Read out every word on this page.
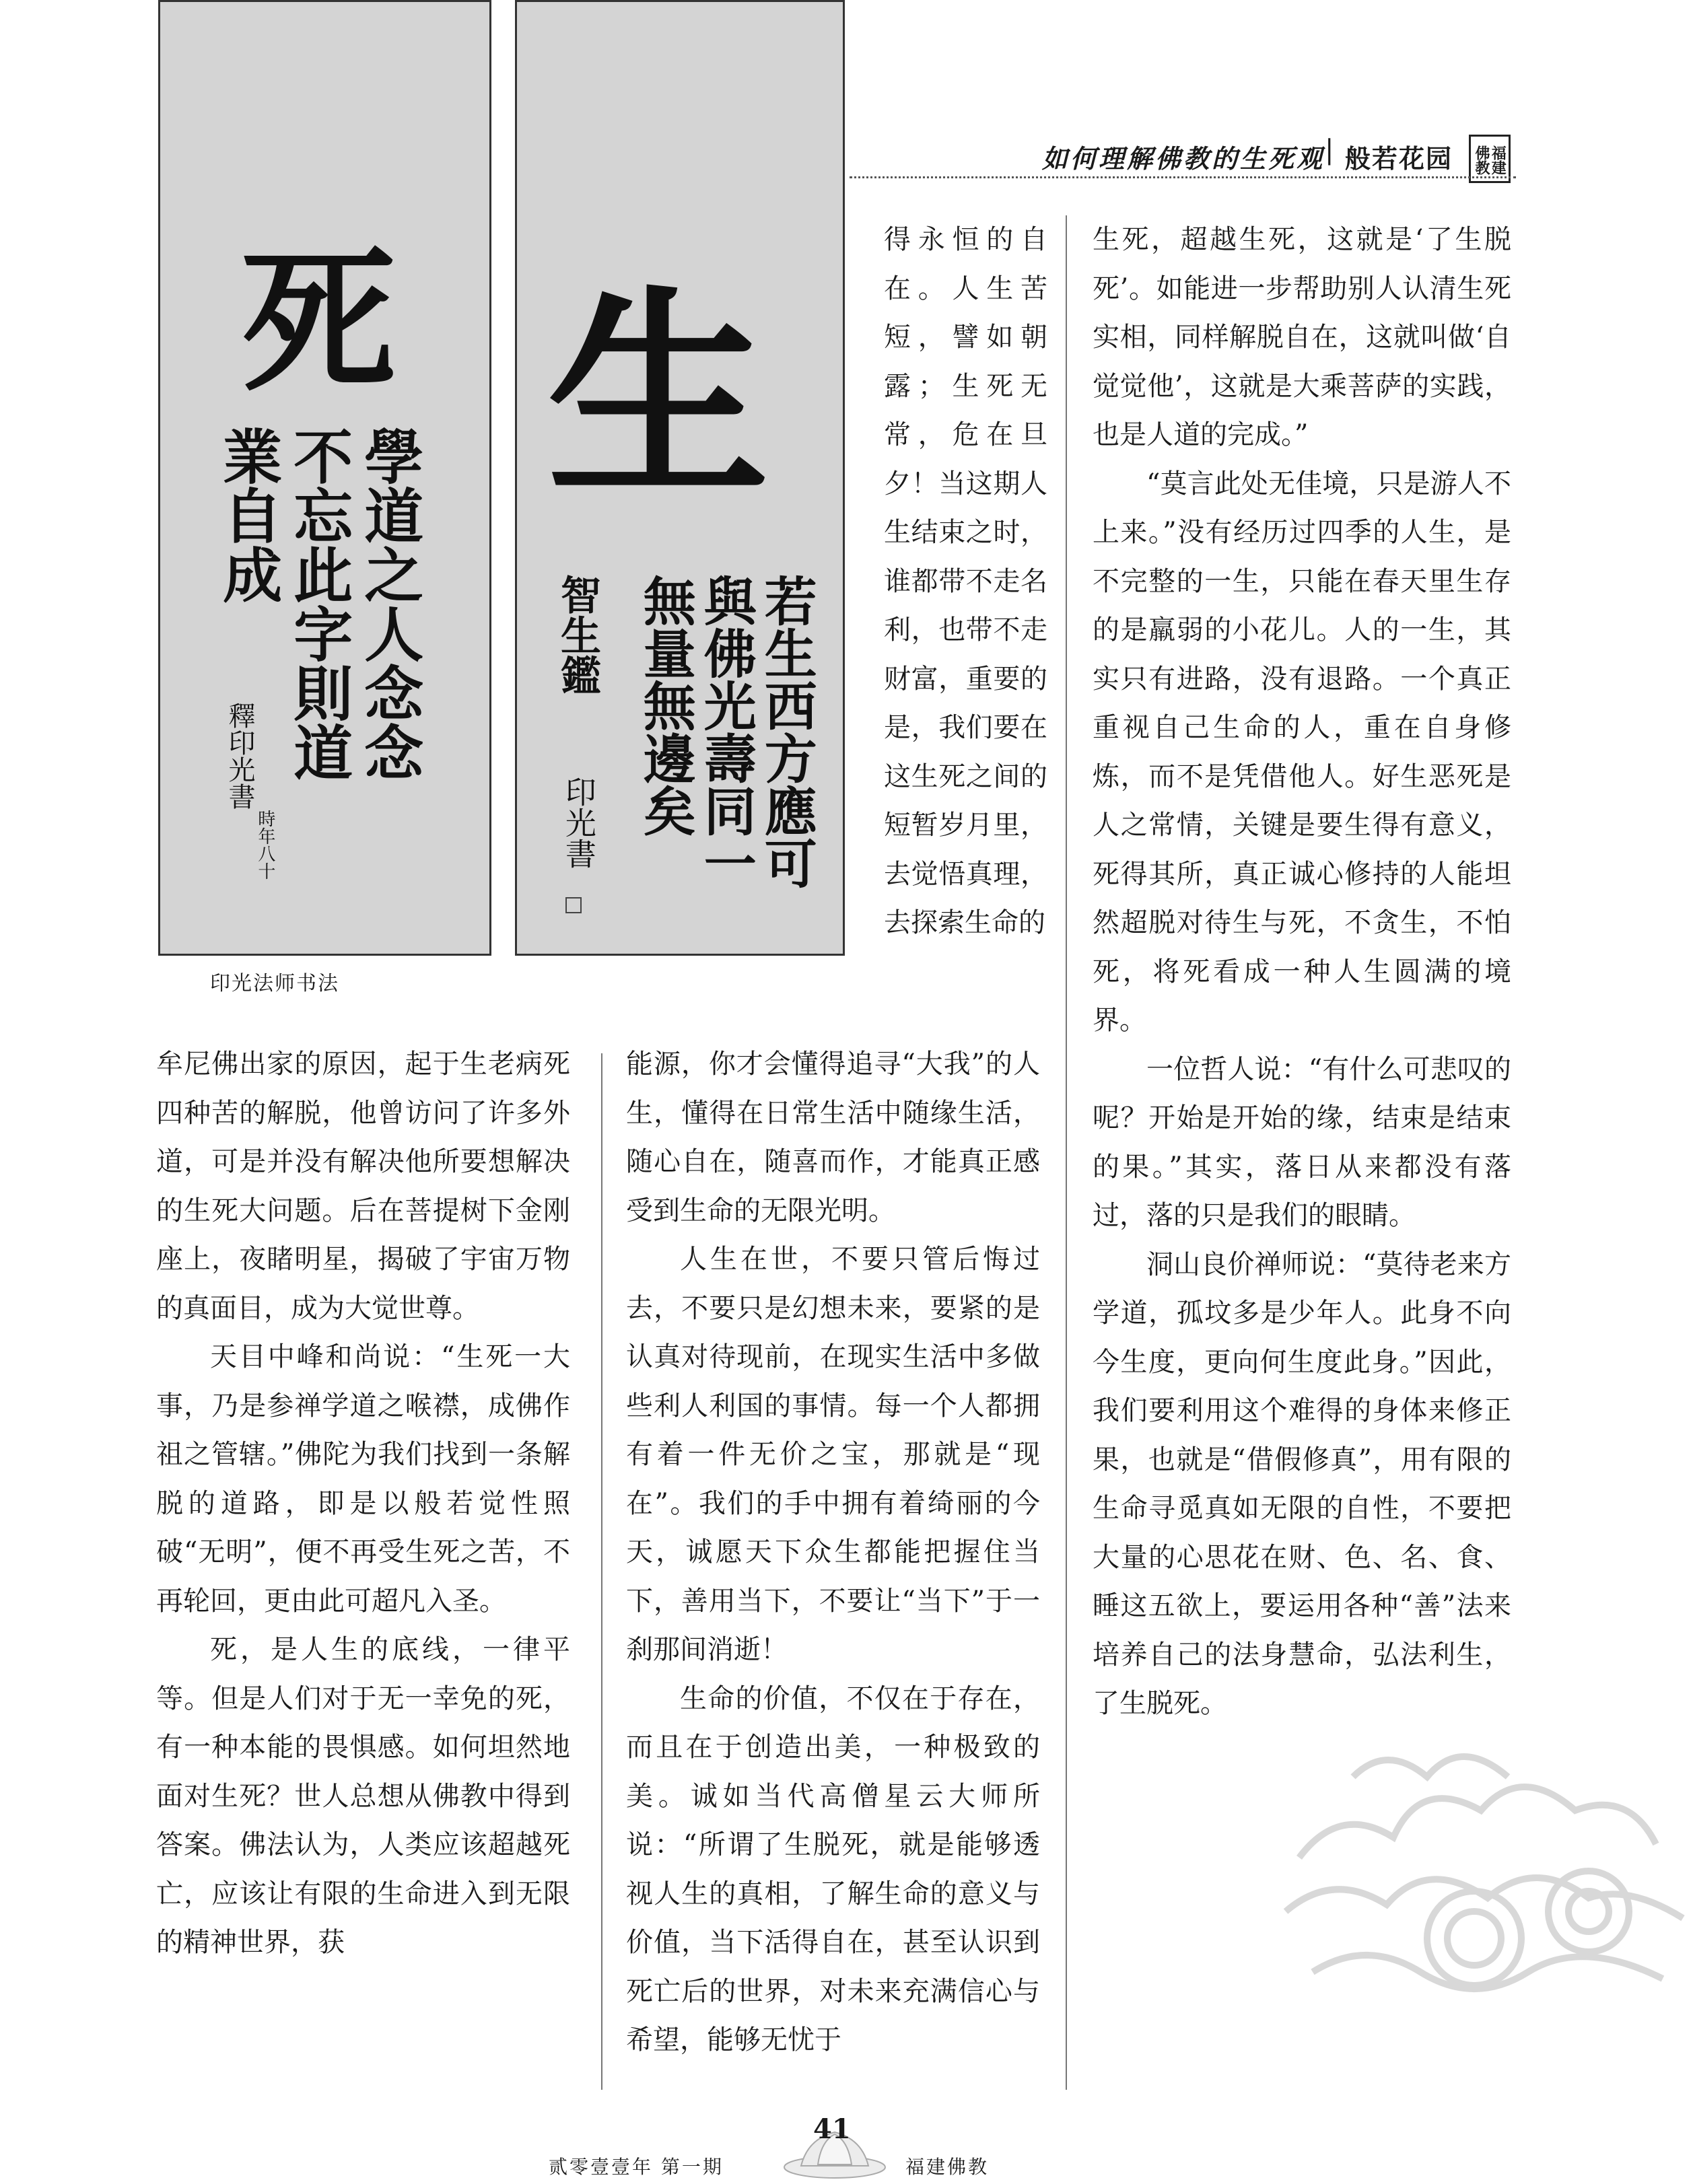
如何理解佛教的生死观 | 般若花园	福建佛教
死
學道之人念念
不忘此字則道
業自成
釋印光書
時年八十
生
若生西方應可
與佛光壽同一
無量無邊矣
智生鑑
印光書
印光法师书法

牟尼佛出家的原因，起于生老病死四种苦的解脱，他曾访问了许多外道，可是并没有解决他所要想解决的生死大问题。后在菩提树下金刚座上，夜睹明星，揭破了宇宙万物的真面目，成为大觉世尊。

天目中峰和尚说：“生死一大事，乃是参禅学道之喉襟，成佛作祖之管辖。”佛陀为我们找到一条解脱的道路，即是以般若觉性照破“无明”，便不再受生死之苦，不再轮回，更由此可超凡入圣。

死，是人生的底线，一律平等。但是人们对于无一幸免的死，有一种本能的畏惧感。如何坦然地面对生死？世人总想从佛教中得到答案。佛法认为，人类应该超越死亡，应该让有限的生命进入到无限的精神世界，获

得永恒的自在。人生苦短，譬如朝露；生死无常，危在旦夕！当这期人生结束之时，谁都带不走名利，也带不走财富，重要的是，我们要在这生死之间的短暂岁月里，去觉悟真理，去探索生命的

能源，你才会懂得追寻“大我”的人生，懂得在日常生活中随缘生活，随心自在，随喜而作，才能真正感受到生命的无限光明。

人生在世，不要只管后悔过去，不要只是幻想未来，要紧的是认真对待现前，在现实生活中多做些利人利国的事情。每一个人都拥有着一件无价之宝，那就是“现在”。我们的手中拥有着绮丽的今天，诚愿天下众生都能把握住当下，善用当下，不要让“当下”于一刹那间消逝！

生命的价值，不仅在于存在，而且在于创造出美，一种极致的美。诚如当代高僧星云大师所说：“所谓了生脱死，就是能够透视人生的真相，了解生命的意义与价值，当下活得自在，甚至认识到死亡后的世界，对未来充满信心与希望，能够无忧于

生死，超越生死，这就是‘了生脱死’。如能进一步帮助别人认清生死实相，同样解脱自在，这就叫做‘自觉觉他’，这就是大乘菩萨的实践，也是人道的完成。”

“莫言此处无佳境，只是游人不上来。”没有经历过四季的人生，是不完整的一生，只能在春天里生存的是羸弱的小花儿。人的一生，其实只有进路，没有退路。一个真正重视自己生命的人，重在自身修炼，而不是凭借他人。好生恶死是人之常情，关键是要生得有意义，死得其所，真正诚心修持的人能坦然超脱对待生与死，不贪生，不怕死，将死看成一种人生圆满的境界。

一位哲人说：“有什么可悲叹的呢？开始是开始的缘，结束是结束的果。”其实，落日从来都没有落过，落的只是我们的眼睛。

洞山良价禅师说：“莫待老来方学道，孤坟多是少年人。此身不向今生度，更向何生度此身。”因此，我们要利用这个难得的身体来修正果，也就是“借假修真”，用有限的生命寻觅真如无限的自性，不要把大量的心思花在财、色、名、食、睡这五欲上，要运用各种“善”法来培养自己的法身慧命，弘法利生，了生脱死。

贰零壹壹年 第一期
41
福建佛教
